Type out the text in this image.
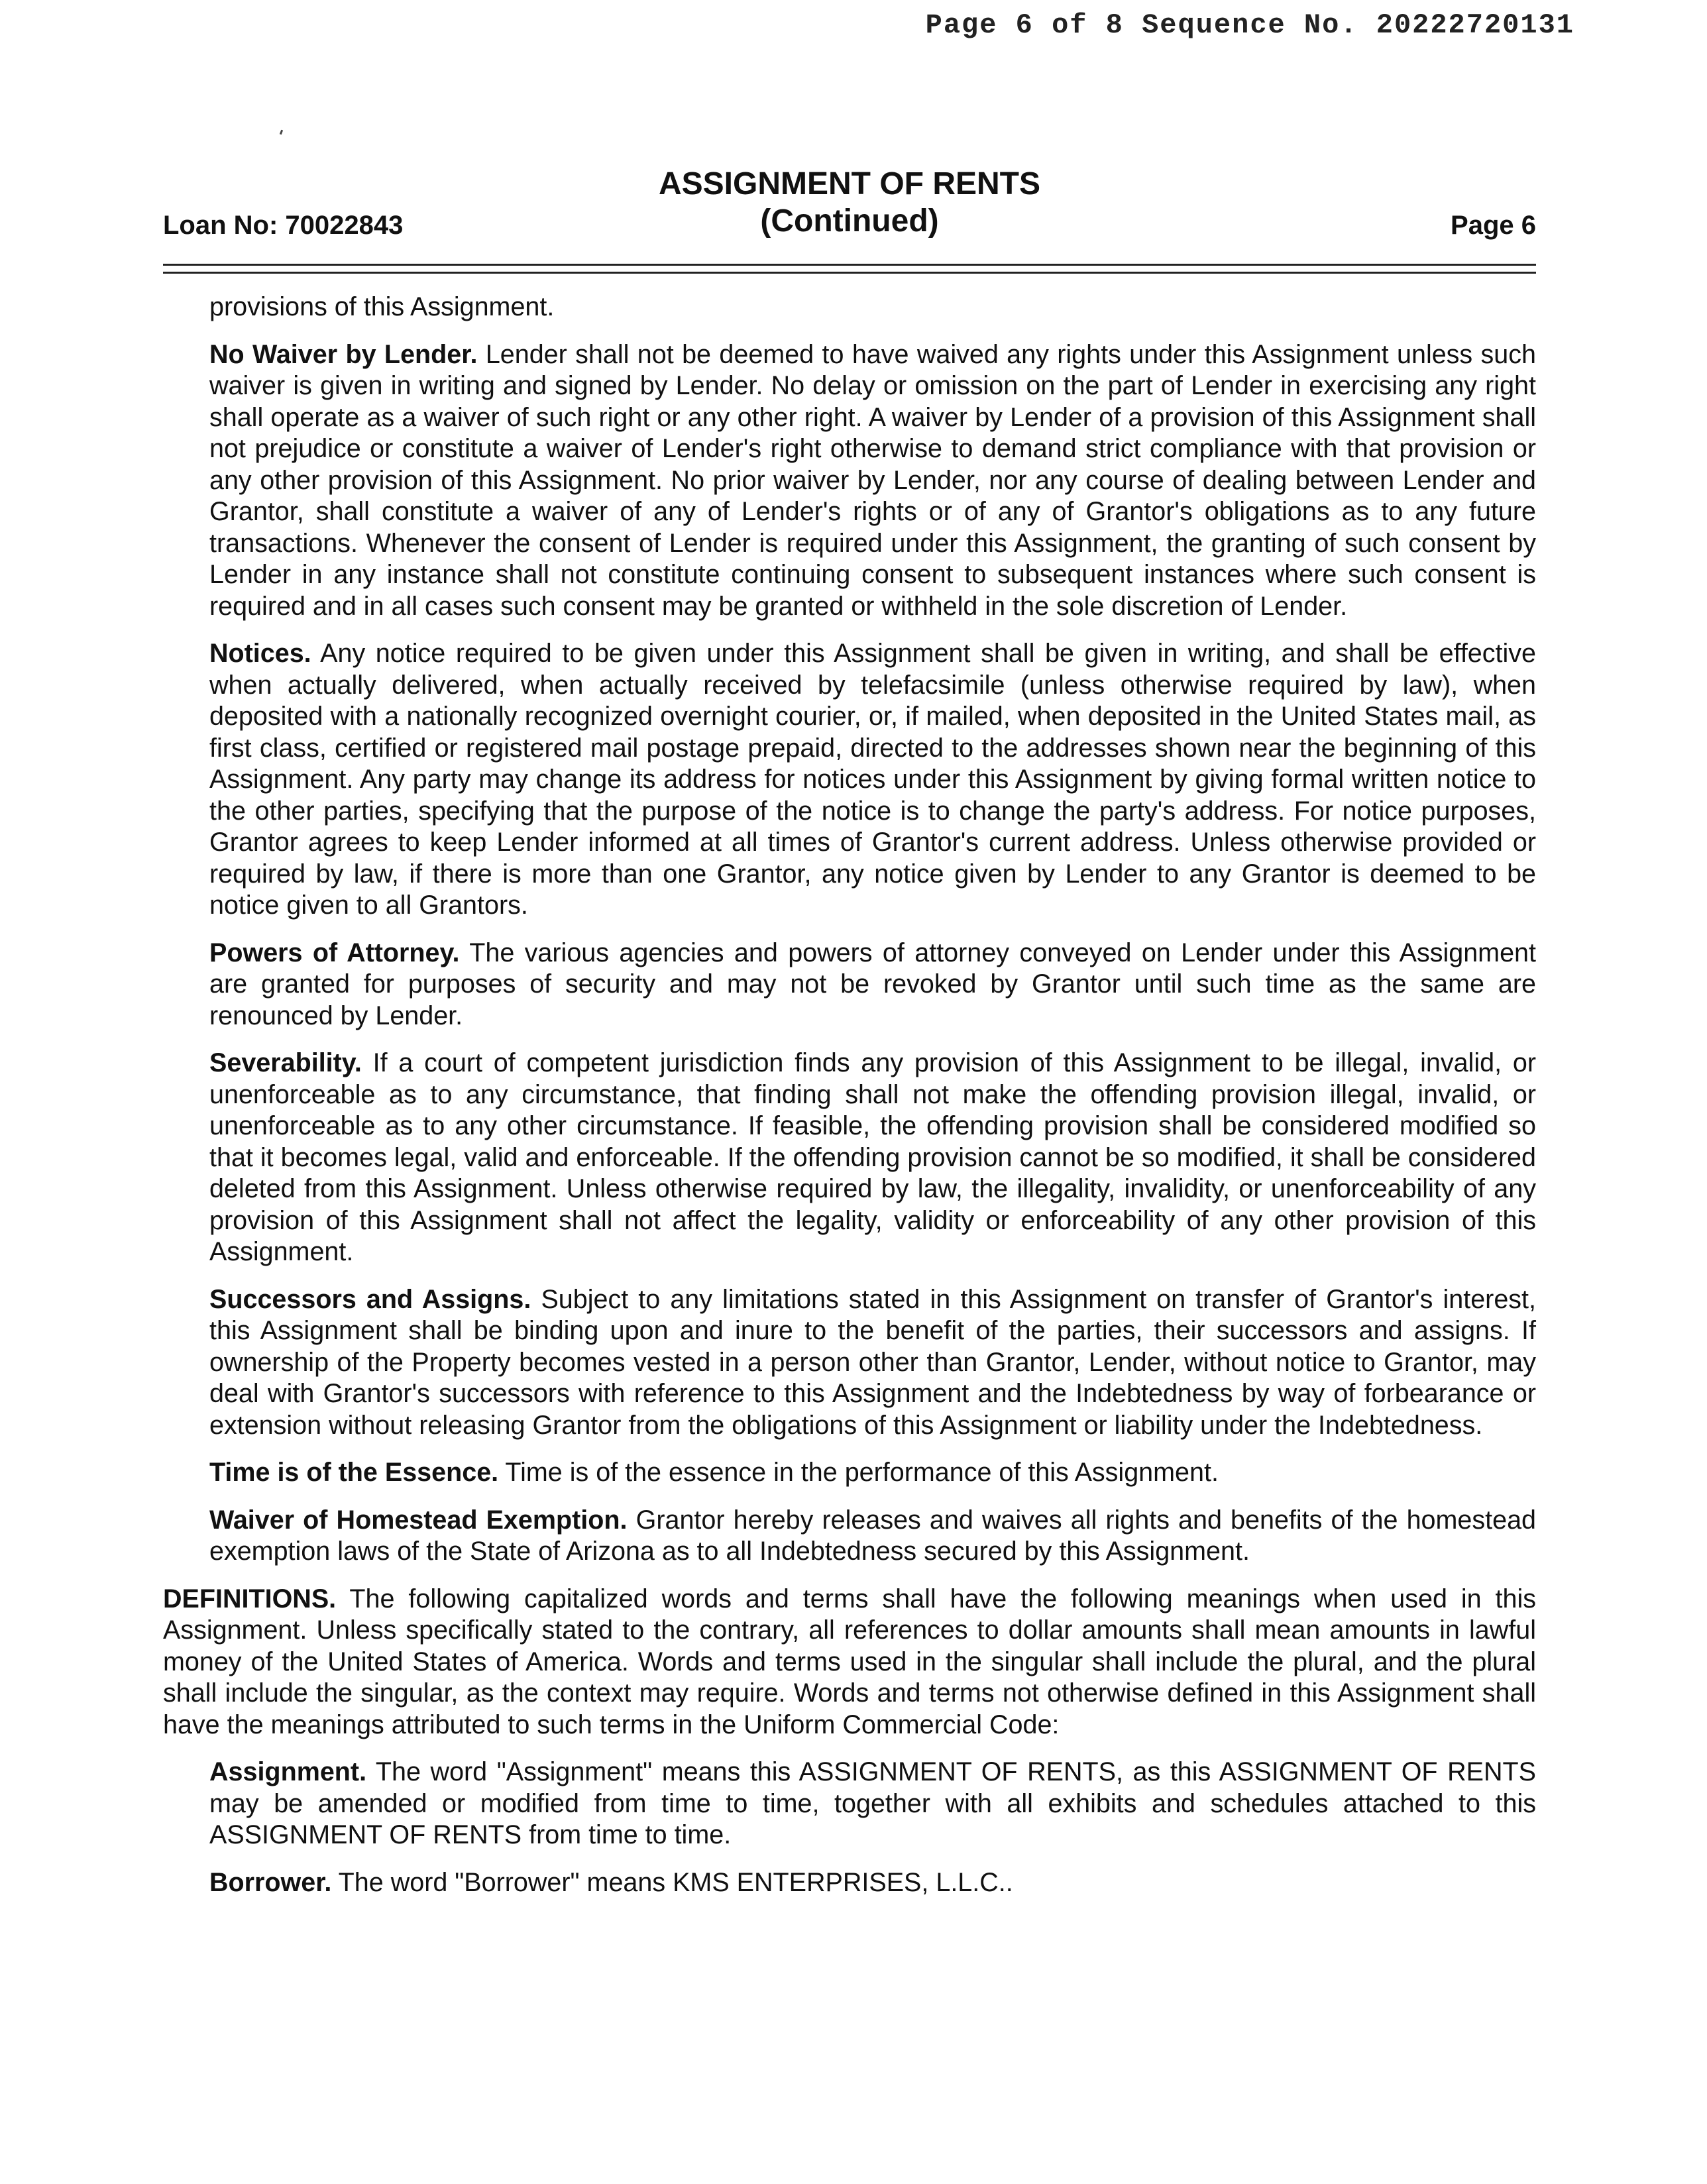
Page 6 of 8 Sequence No. 20222720131
ASSIGNMENT OF RENTS
(Continued)
Loan No: 70022843	Page 6

provisions of this Assignment.

No Waiver by Lender. Lender shall not be deemed to have waived any rights under this Assignment unless such waiver is given in writing and signed by Lender. No delay or omission on the part of Lender in exercising any right shall operate as a waiver of such right or any other right. A waiver by Lender of a provision of this Assignment shall not prejudice or constitute a waiver of Lender's right otherwise to demand strict compliance with that provision or any other provision of this Assignment. No prior waiver by Lender, nor any course of dealing between Lender and Grantor, shall constitute a waiver of any of Lender's rights or of any of Grantor's obligations as to any future transactions. Whenever the consent of Lender is required under this Assignment, the granting of such consent by Lender in any instance shall not constitute continuing consent to subsequent instances where such consent is required and in all cases such consent may be granted or withheld in the sole discretion of Lender.

Notices. Any notice required to be given under this Assignment shall be given in writing, and shall be effective when actually delivered, when actually received by telefacsimile (unless otherwise required by law), when deposited with a nationally recognized overnight courier, or, if mailed, when deposited in the United States mail, as first class, certified or registered mail postage prepaid, directed to the addresses shown near the beginning of this Assignment. Any party may change its address for notices under this Assignment by giving formal written notice to the other parties, specifying that the purpose of the notice is to change the party's address. For notice purposes, Grantor agrees to keep Lender informed at all times of Grantor's current address. Unless otherwise provided or required by law, if there is more than one Grantor, any notice given by Lender to any Grantor is deemed to be notice given to all Grantors.

Powers of Attorney. The various agencies and powers of attorney conveyed on Lender under this Assignment are granted for purposes of security and may not be revoked by Grantor until such time as the same are renounced by Lender.

Severability. If a court of competent jurisdiction finds any provision of this Assignment to be illegal, invalid, or unenforceable as to any circumstance, that finding shall not make the offending provision illegal, invalid, or unenforceable as to any other circumstance. If feasible, the offending provision shall be considered modified so that it becomes legal, valid and enforceable. If the offending provision cannot be so modified, it shall be considered deleted from this Assignment. Unless otherwise required by law, the illegality, invalidity, or unenforceability of any provision of this Assignment shall not affect the legality, validity or enforceability of any other provision of this Assignment.

Successors and Assigns. Subject to any limitations stated in this Assignment on transfer of Grantor's interest, this Assignment shall be binding upon and inure to the benefit of the parties, their successors and assigns. If ownership of the Property becomes vested in a person other than Grantor, Lender, without notice to Grantor, may deal with Grantor's successors with reference to this Assignment and the Indebtedness by way of forbearance or extension without releasing Grantor from the obligations of this Assignment or liability under the Indebtedness.

Time is of the Essence. Time is of the essence in the performance of this Assignment.

Waiver of Homestead Exemption. Grantor hereby releases and waives all rights and benefits of the homestead exemption laws of the State of Arizona as to all Indebtedness secured by this Assignment.

DEFINITIONS. The following capitalized words and terms shall have the following meanings when used in this Assignment. Unless specifically stated to the contrary, all references to dollar amounts shall mean amounts in lawful money of the United States of America. Words and terms used in the singular shall include the plural, and the plural shall include the singular, as the context may require. Words and terms not otherwise defined in this Assignment shall have the meanings attributed to such terms in the Uniform Commercial Code:

Assignment. The word "Assignment" means this ASSIGNMENT OF RENTS, as this ASSIGNMENT OF RENTS may be amended or modified from time to time, together with all exhibits and schedules attached to this ASSIGNMENT OF RENTS from time to time.

Borrower. The word "Borrower" means KMS ENTERPRISES, L.L.C..
